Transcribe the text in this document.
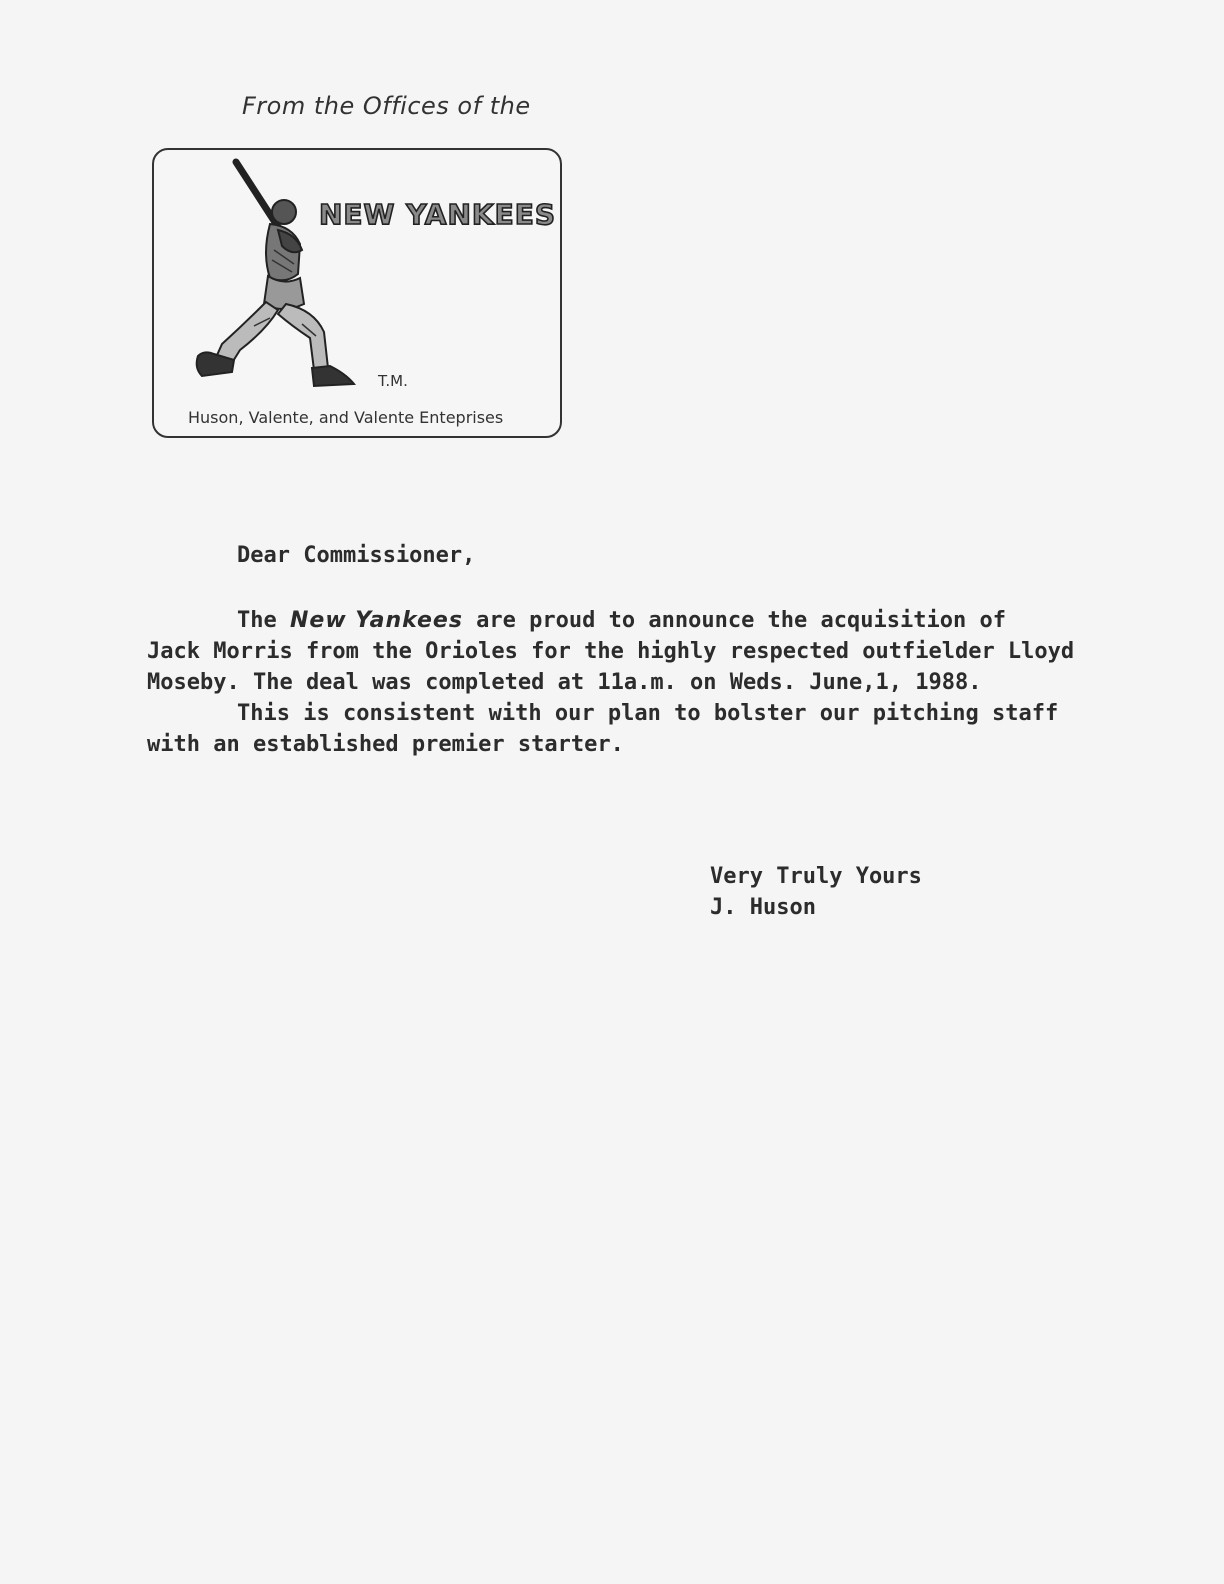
From the Offices of the
NEW YANKEES
T.M.
Huson, Valente, and Valente Enteprises
Dear Commissioner,
The New Yankees are proud to announce the acquisition of
Jack Morris from the Orioles for the highly respected outfielder Lloyd
Moseby. The deal was completed at 11a.m. on Weds. June,1, 1988.
This is consistent with our plan to bolster our pitching staff
with an established premier starter.
Very Truly Yours
J. Huson
